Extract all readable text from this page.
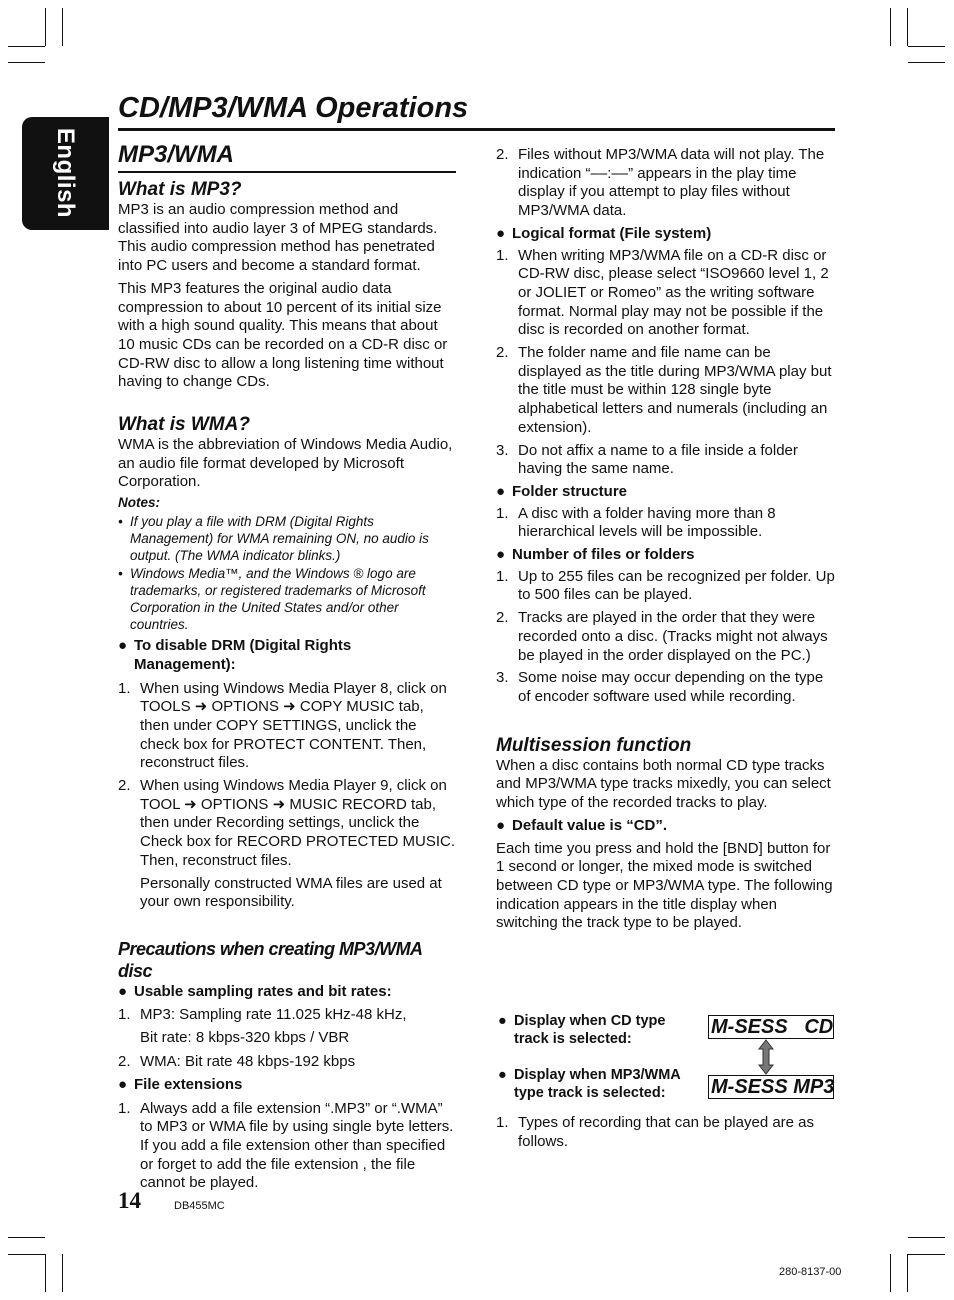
English
CD/MP3/WMA Operations
MP3/WMA
What is MP3?

MP3 is an audio compression method and classified into audio layer 3 of MPEG standards. This audio compression method has penetrated into PC users and become a standard format.

This MP3 features the original audio data compression to about 10 percent of its initial size with a high sound quality. This means that about 10 music CDs can be recorded on a CD-R disc or CD-RW disc to allow a long listening time without having to change CDs.

What is WMA?

WMA is the abbreviation of Windows Media Audio, an audio file format developed by Microsoft Corporation.

Notes:
• If you play a file with DRM (Digital Rights Management) for WMA remaining ON, no audio is output. (The WMA indicator blinks.)
• Windows Media™, and the Windows ® logo are trademarks, or registered trademarks of Microsoft Corporation in the United States and/or other countries.
● To disable DRM (Digital Rights Management):
1. When using Windows Media Player 8, click on TOOLS ➜ OPTIONS ➜ COPY MUSIC tab, then under COPY SETTINGS, unclick the check box for PROTECT CONTENT. Then, reconstruct files.
2. When using Windows Media Player 9, click on TOOL ➜ OPTIONS ➜ MUSIC RECORD tab, then under Recording settings, unclick the Check box for RECORD PROTECTED MUSIC. Then, reconstruct files.
Personally constructed WMA files are used at your own responsibility.
Precautions when creating MP3/WMA disc
● Usable sampling rates and bit rates:
1. MP3: Sampling rate 11.025 kHz-48 kHz,
Bit rate: 8 kbps-320 kbps / VBR
2. WMA: Bit rate 48 kbps-192 kbps
● File extensions
1. Always add a file extension “.MP3” or “.WMA” to MP3 or WMA file by using single byte letters. If you add a file extension other than specified or forget to add the file extension , the file cannot be played.
2. Files without MP3/WMA data will not play. The indication “––:––” appears in the play time display if you attempt to play files without MP3/WMA data.
● Logical format (File system)
1. When writing MP3/WMA file on a CD-R disc or CD-RW disc, please select “ISO9660 level 1, 2 or JOLIET or Romeo” as the writing software format. Normal play may not be possible if the disc is recorded on another format.
2. The folder name and file name can be displayed as the title during MP3/WMA play but the title must be within 128 single byte alphabetical letters and numerals (including an extension).
3. Do not affix a name to a file inside a folder having the same name.
● Folder structure
1. A disc with a folder having more than 8 hierarchical levels will be impossible.
● Number of files or folders
1. Up to 255 files can be recognized per folder. Up to 500 files can be played.
2. Tracks are played in the order that they were recorded onto a disc. (Tracks might not always be played in the order displayed on the PC.)
3. Some noise may occur depending on the type of encoder software used while recording.
Multisession function

When a disc contains both normal CD type tracks and MP3/WMA type tracks mixedly, you can select which type of the recorded tracks to play.

● Default value is “CD”.

Each time you press and hold the [BND] button for 1 second or longer, the mixed mode is switched between CD type or MP3/WMA type. The following indication appears in the title display when switching the track type to be played.

● Display when CD type track is selected:
● Display when MP3/WMA type track is selected:
M-SESS   CD
M-SESS MP3
1. Types of recording that can be played are as follows.
14	DB455MC
280-8137-00
